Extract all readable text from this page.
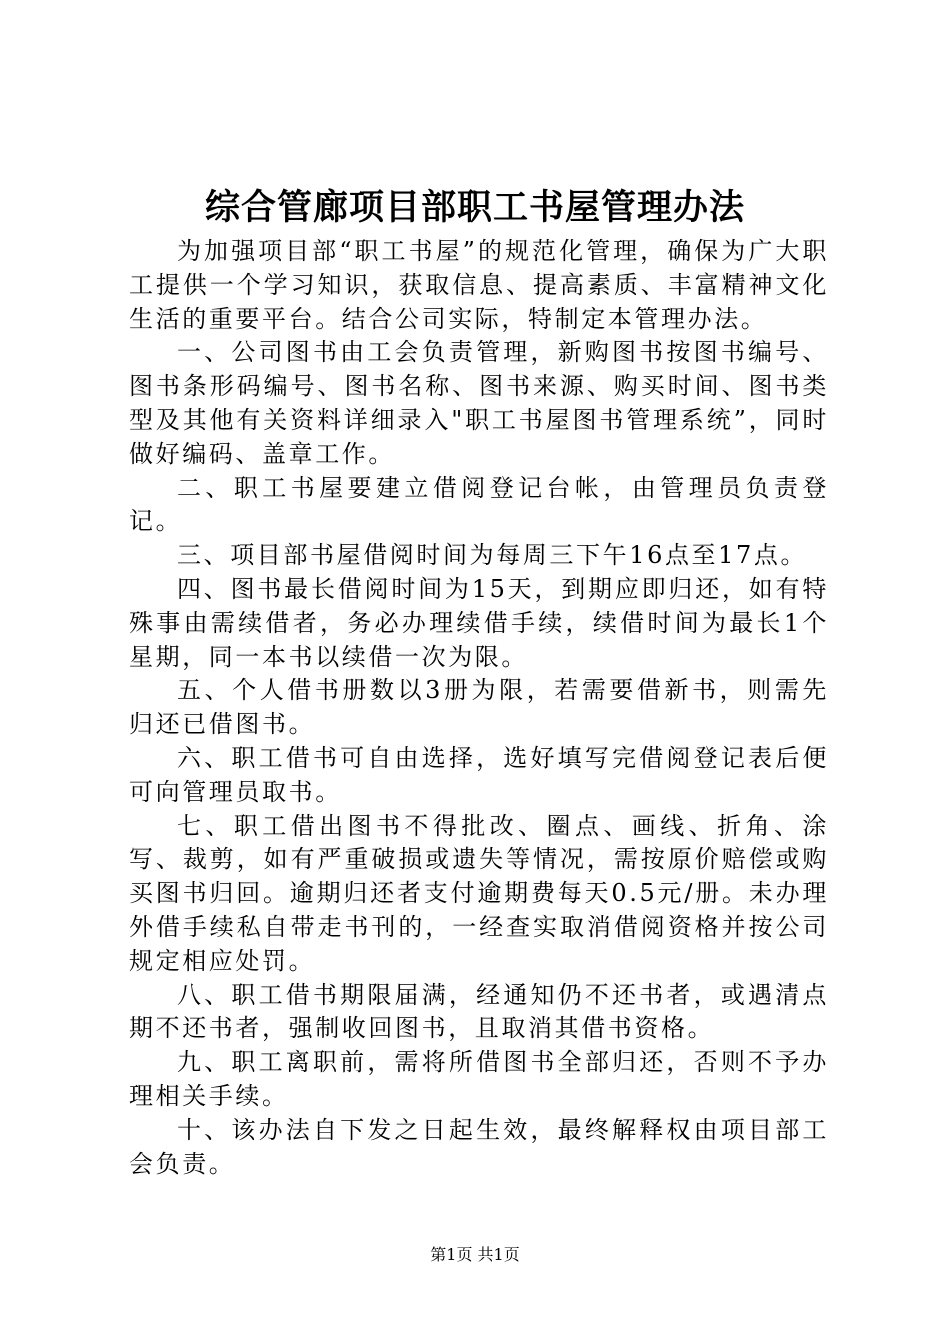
综合管廊项目部职工书屋管理办法

为加强项目部“职工书屋”的规范化管理，确保为广大职工提供一个学习知识，获取信息、提高素质、丰富精神文化生活的重要平台。结合公司实际，特制定本管理办法。

一、公司图书由工会负责管理，新购图书按图书编号、图书条形码编号、图书名称、图书来源、购买时间、图书类型及其他有关资料详细录入"职工书屋图书管理系统”，同时做好编码、盖章工作。

二、职工书屋要建立借阅登记台帐，由管理员负责登记。

三、项目部书屋借阅时间为每周三下午16点至17点。

四、图书最长借阅时间为15天，到期应即归还，如有特殊事由需续借者，务必办理续借手续，续借时间为最长1个星期，同一本书以续借一次为限。

五、个人借书册数以3册为限，若需要借新书，则需先归还已借图书。

六、职工借书可自由选择，选好填写完借阅登记表后便可向管理员取书。

七、职工借出图书不得批改、圈点、画线、折角、涂写、裁剪，如有严重破损或遗失等情况，需按原价赔偿或购买图书归回。逾期归还者支付逾期费每天0.5元/册。未办理外借手续私自带走书刊的，一经查实取消借阅资格并按公司规定相应处罚。

八、职工借书期限届满，经通知仍不还书者，或遇清点期不还书者，强制收回图书，且取消其借书资格。

九、职工离职前，需将所借图书全部归还，否则不予办理相关手续。

十、该办法自下发之日起生效，最终解释权由项目部工会负责。

第1页 共1页
